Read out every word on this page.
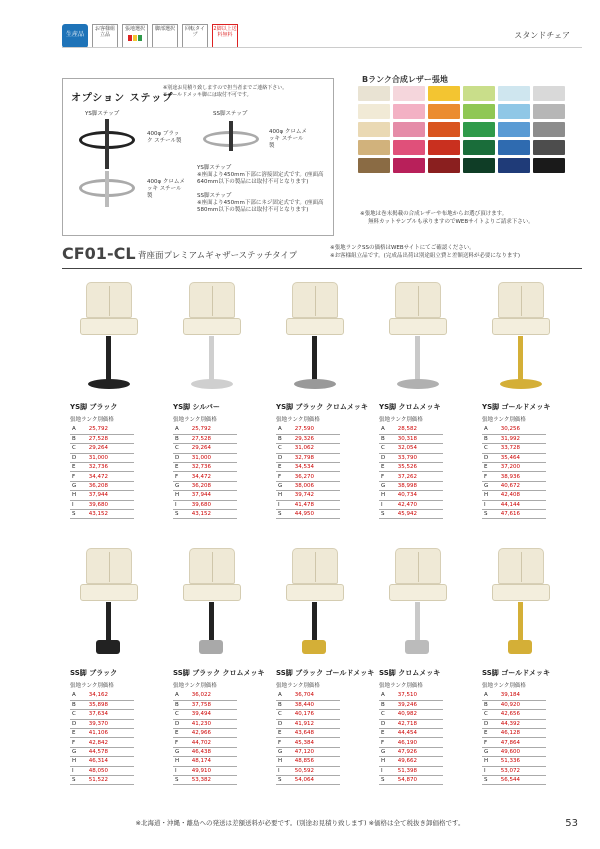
生産品
お客様組立品
張地選択	脚部選択	回転タイプ
2脚以上送料無料	スタンドチェア
オプション ステップ
※別途お見積り致しますので担当者までご連絡下さい。
※ゴールドメッキ脚には取付不可です。
YS脚ステップ	SS脚ステップ
400φ ブラック スチール製
400φ クロムメッキ スチール製
400φ クロムメッキ スチール製
YS脚ステップ
※座面より450mm下部に溶接固定式です。(座面高640mm以下の製品には取付不可となります)
SS脚ステップ
※座面より450mm下部にネジ固定式です。(座面高580mm以下の製品には取付不可となります)
Bランク合成レザー張地
※張地は巻末掲載の合成レザーや布地からお選び頂けます。
無料カットサンプルも承りますのでWEBサイトよりご請求下さい。
CF01-CL 背座面プレミアムギャザーステッチタイプ
※張地ランクSSの価格はWEBサイトにてご確認ください。
※お客様組立品です。(完成品出荷は別途組立費と差額送料が必要になります)
YS脚 ブラック
張地ランク別価格
A	25,792
B	27,528
C	29,264
D	31,000
E	32,736
F	34,472
G	36,208
H	37,944
I	39,680
S	43,152
YS脚 シルバー
張地ランク別価格
A	25,792
B	27,528
C	29,264
D	31,000
E	32,736
F	34,472
G	36,208
H	37,944
I	39,680
S	43,152
YS脚 ブラック クロムメッキ
張地ランク別価格
A	27,590
B	29,326
C	31,062
D	32,798
E	34,534
F	36,270
G	38,006
H	39,742
I	41,478
S	44,950
YS脚 クロムメッキ
張地ランク別価格
A	28,582
B	30,318
C	32,054
D	33,790
E	35,526
F	37,262
G	38,998
H	40,734
I	42,470
S	45,942
YS脚 ゴールドメッキ
張地ランク別価格
A	30,256
B	31,992
C	33,728
D	35,464
E	37,200
F	38,936
G	40,672
H	42,408
I	44,144
S	47,616
SS脚 ブラック
張地ランク別価格
A	34,162
B	35,898
C	37,634
D	39,370
E	41,106
F	42,842
G	44,578
H	46,314
I	48,050
S	51,522
SS脚 ブラック クロムメッキ
張地ランク別価格
A	36,022
B	37,758
C	39,494
D	41,230
E	42,966
F	44,702
G	46,438
H	48,174
I	49,910
S	53,382
SS脚 ブラック ゴールドメッキ
張地ランク別価格
A	36,704
B	38,440
C	40,176
D	41,912
E	43,648
F	45,384
G	47,120
H	48,856
I	50,592
S	54,064
SS脚 クロムメッキ
張地ランク別価格
A	37,510
B	39,246
C	40,982
D	42,718
E	44,454
F	46,190
G	47,926
H	49,662
I	51,398
S	54,870
SS脚 ゴールドメッキ
張地ランク別価格
A	39,184
B	40,920
C	42,656
D	44,392
E	46,128
F	47,864
G	49,600
H	51,336
I	53,072
S	56,544
※北海道・沖縄・離島への発送は差額送料が必要です。(別途お見積り致します) ※価格は全て税抜き卸価格です。	53
